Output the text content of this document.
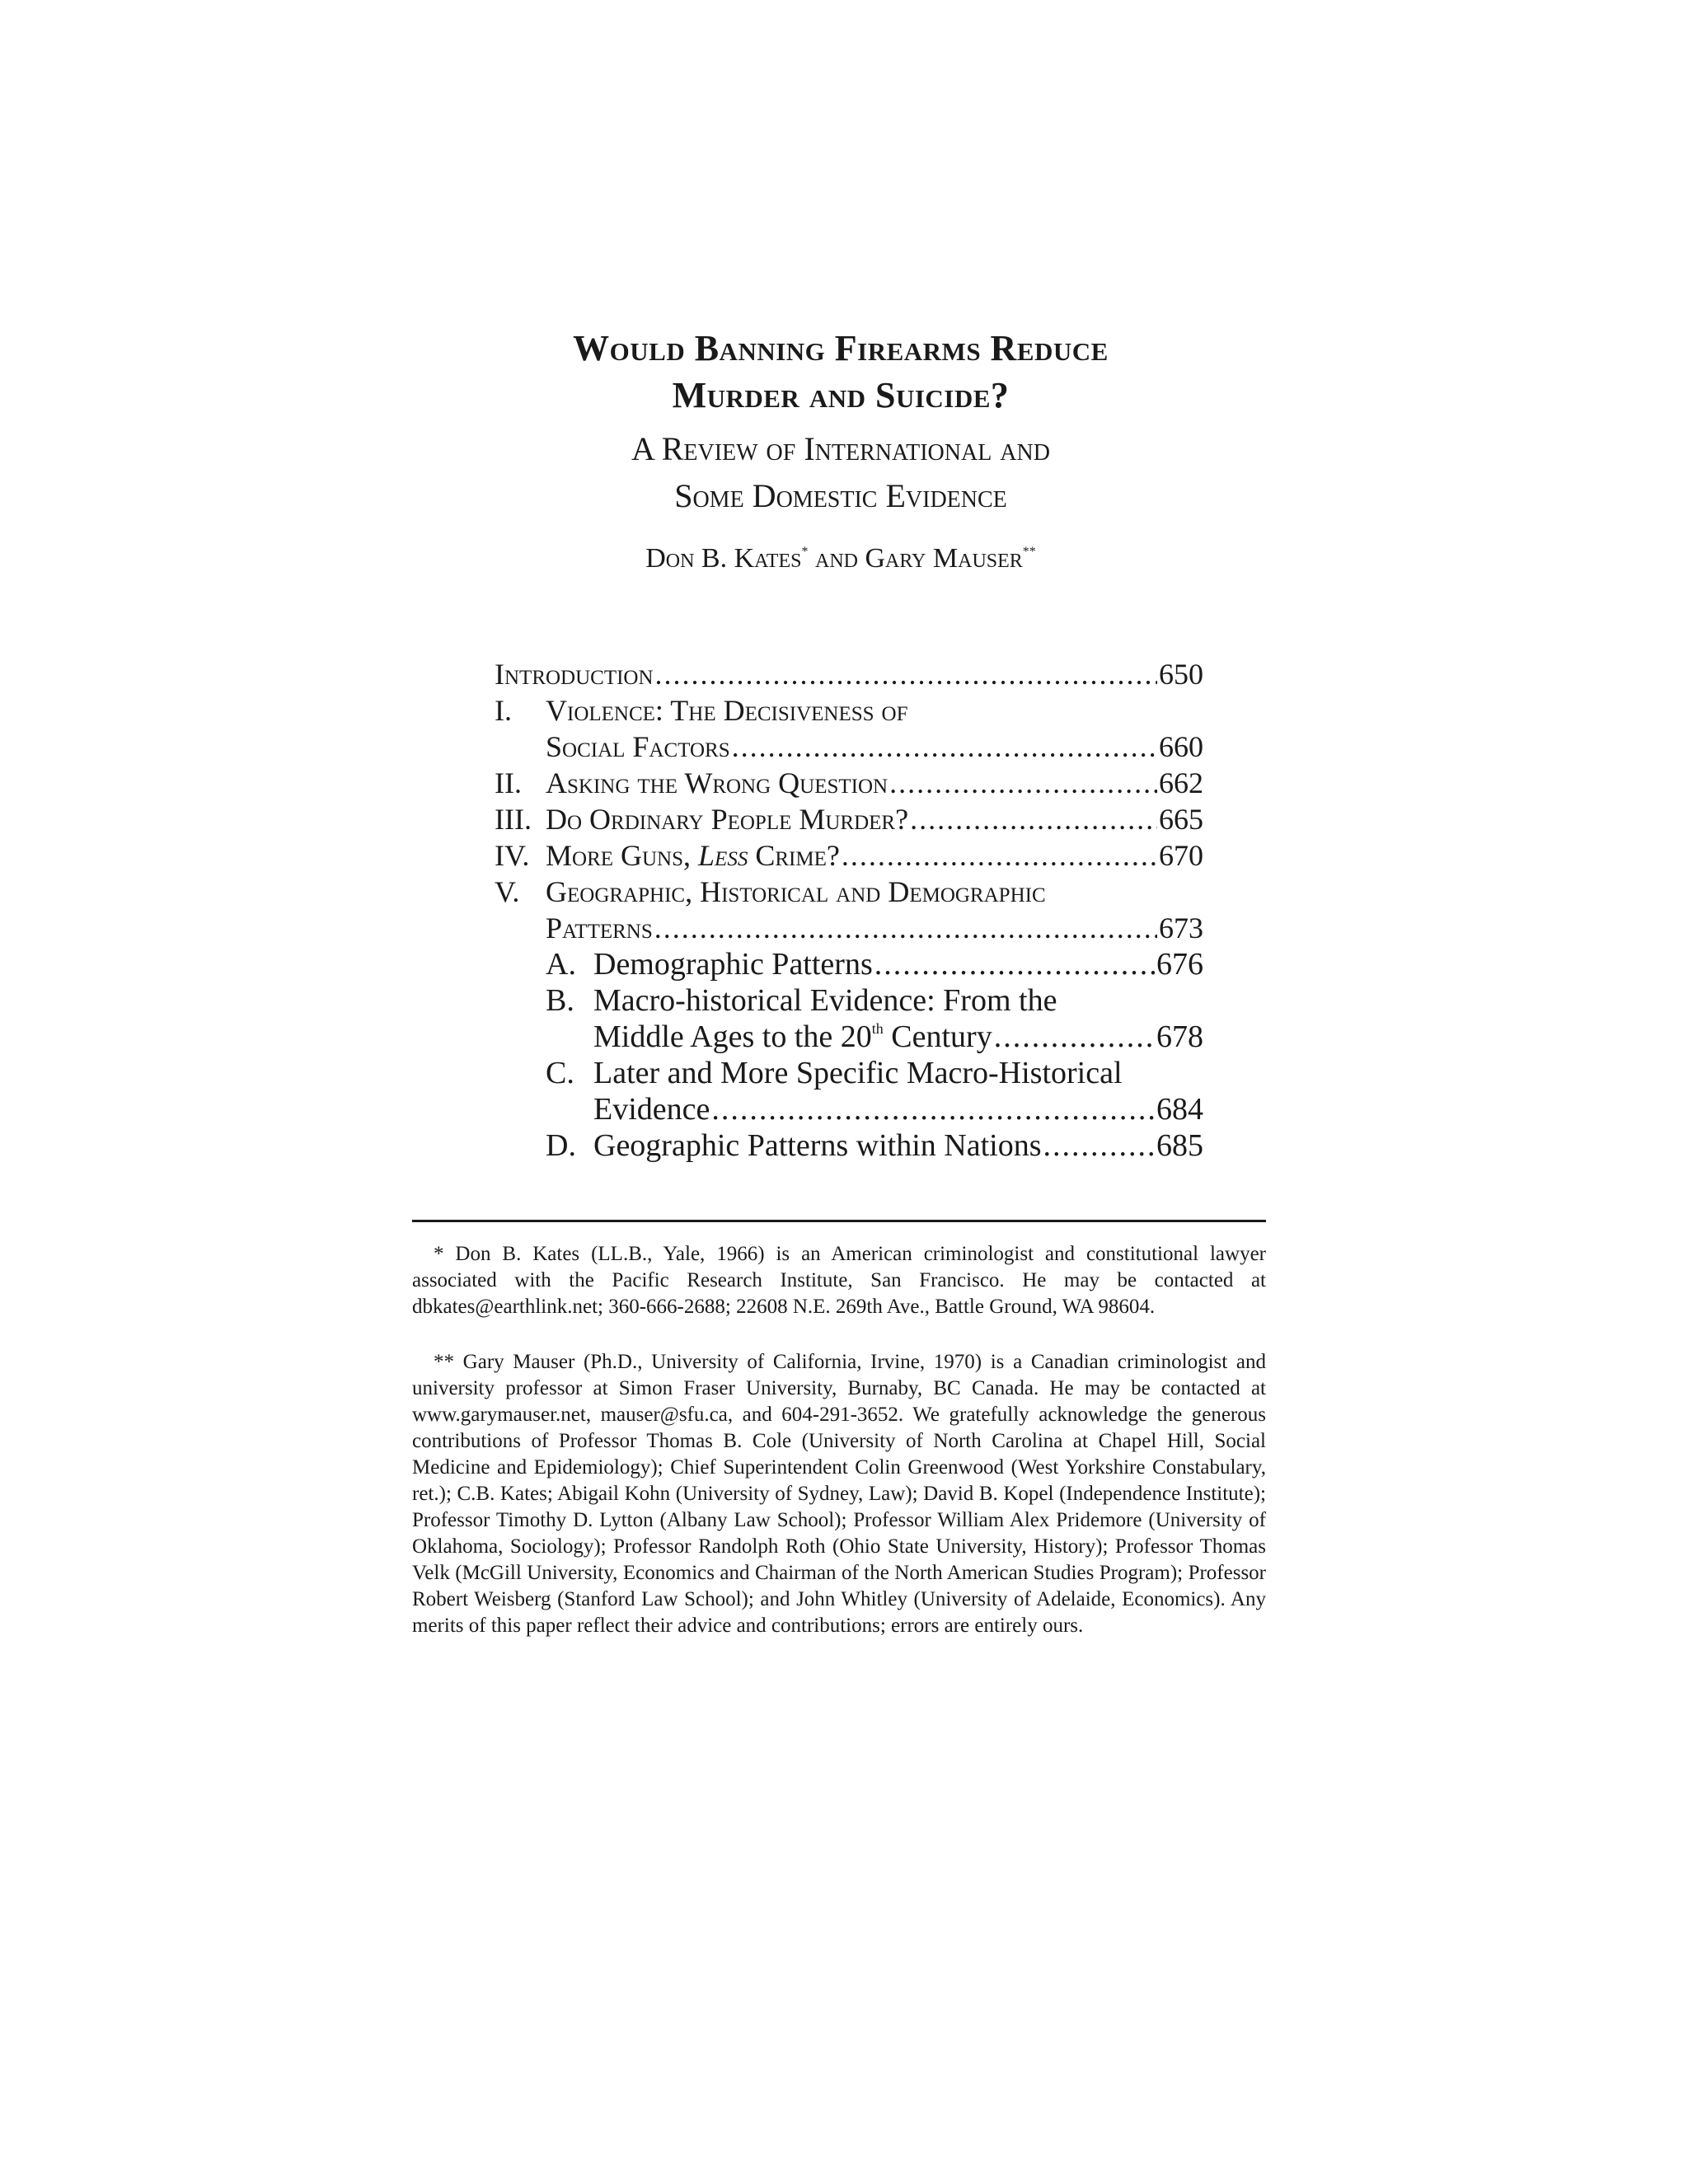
Would Banning Firearms Reduce
Murder and Suicide?
A Review of International and
Some Domestic Evidence
Don B. Kates* and Gary Mauser**
Introduction .....	650
I.	Violence: The Decisiveness of
Social Factors .....	660
II. Asking the Wrong Question .....	662
III. Do Ordinary People Murder? .....	665
IV. More Guns, Less Crime? .....	670
V. Geographic, Historical and Demographic
Patterns .....	673
A. Demographic Patterns .....	676
B. Macro-historical Evidence: From the
Middle Ages to the 20th Century .....	678
C. Later and More Specific Macro-Historical
Evidence .....	684
D. Geographic Patterns within Nations .....	685

* Don B. Kates (LL.B., Yale, 1966) is an American criminologist and constitutional lawyer associated with the Pacific Research Institute, San Francisco. He may be contacted at dbkates@earthlink.net; 360-666-2688; 22608 N.E. 269th Ave., Battle Ground, WA 98604.

** Gary Mauser (Ph.D., University of California, Irvine, 1970) is a Canadian criminologist and university professor at Simon Fraser University, Burnaby, BC Canada. He may be contacted at www.garymauser.net, mauser@sfu.ca, and 604-291-3652. We gratefully acknowledge the generous contributions of Professor Thomas B. Cole (University of North Carolina at Chapel Hill, Social Medicine and Epidemiology); Chief Superintendent Colin Greenwood (West Yorkshire Constabulary, ret.); C.B. Kates; Abigail Kohn (University of Sydney, Law); David B. Kopel (Independence Institute); Professor Timothy D. Lytton (Albany Law School); Professor William Alex Pridemore (University of Oklahoma, Sociology); Professor Randolph Roth (Ohio State University, History); Professor Thomas Velk (McGill University, Economics and Chairman of the North American Studies Program); Professor Robert Weisberg (Stanford Law School); and John Whitley (University of Adelaide, Economics). Any merits of this paper reflect their advice and contributions; errors are entirely ours.
